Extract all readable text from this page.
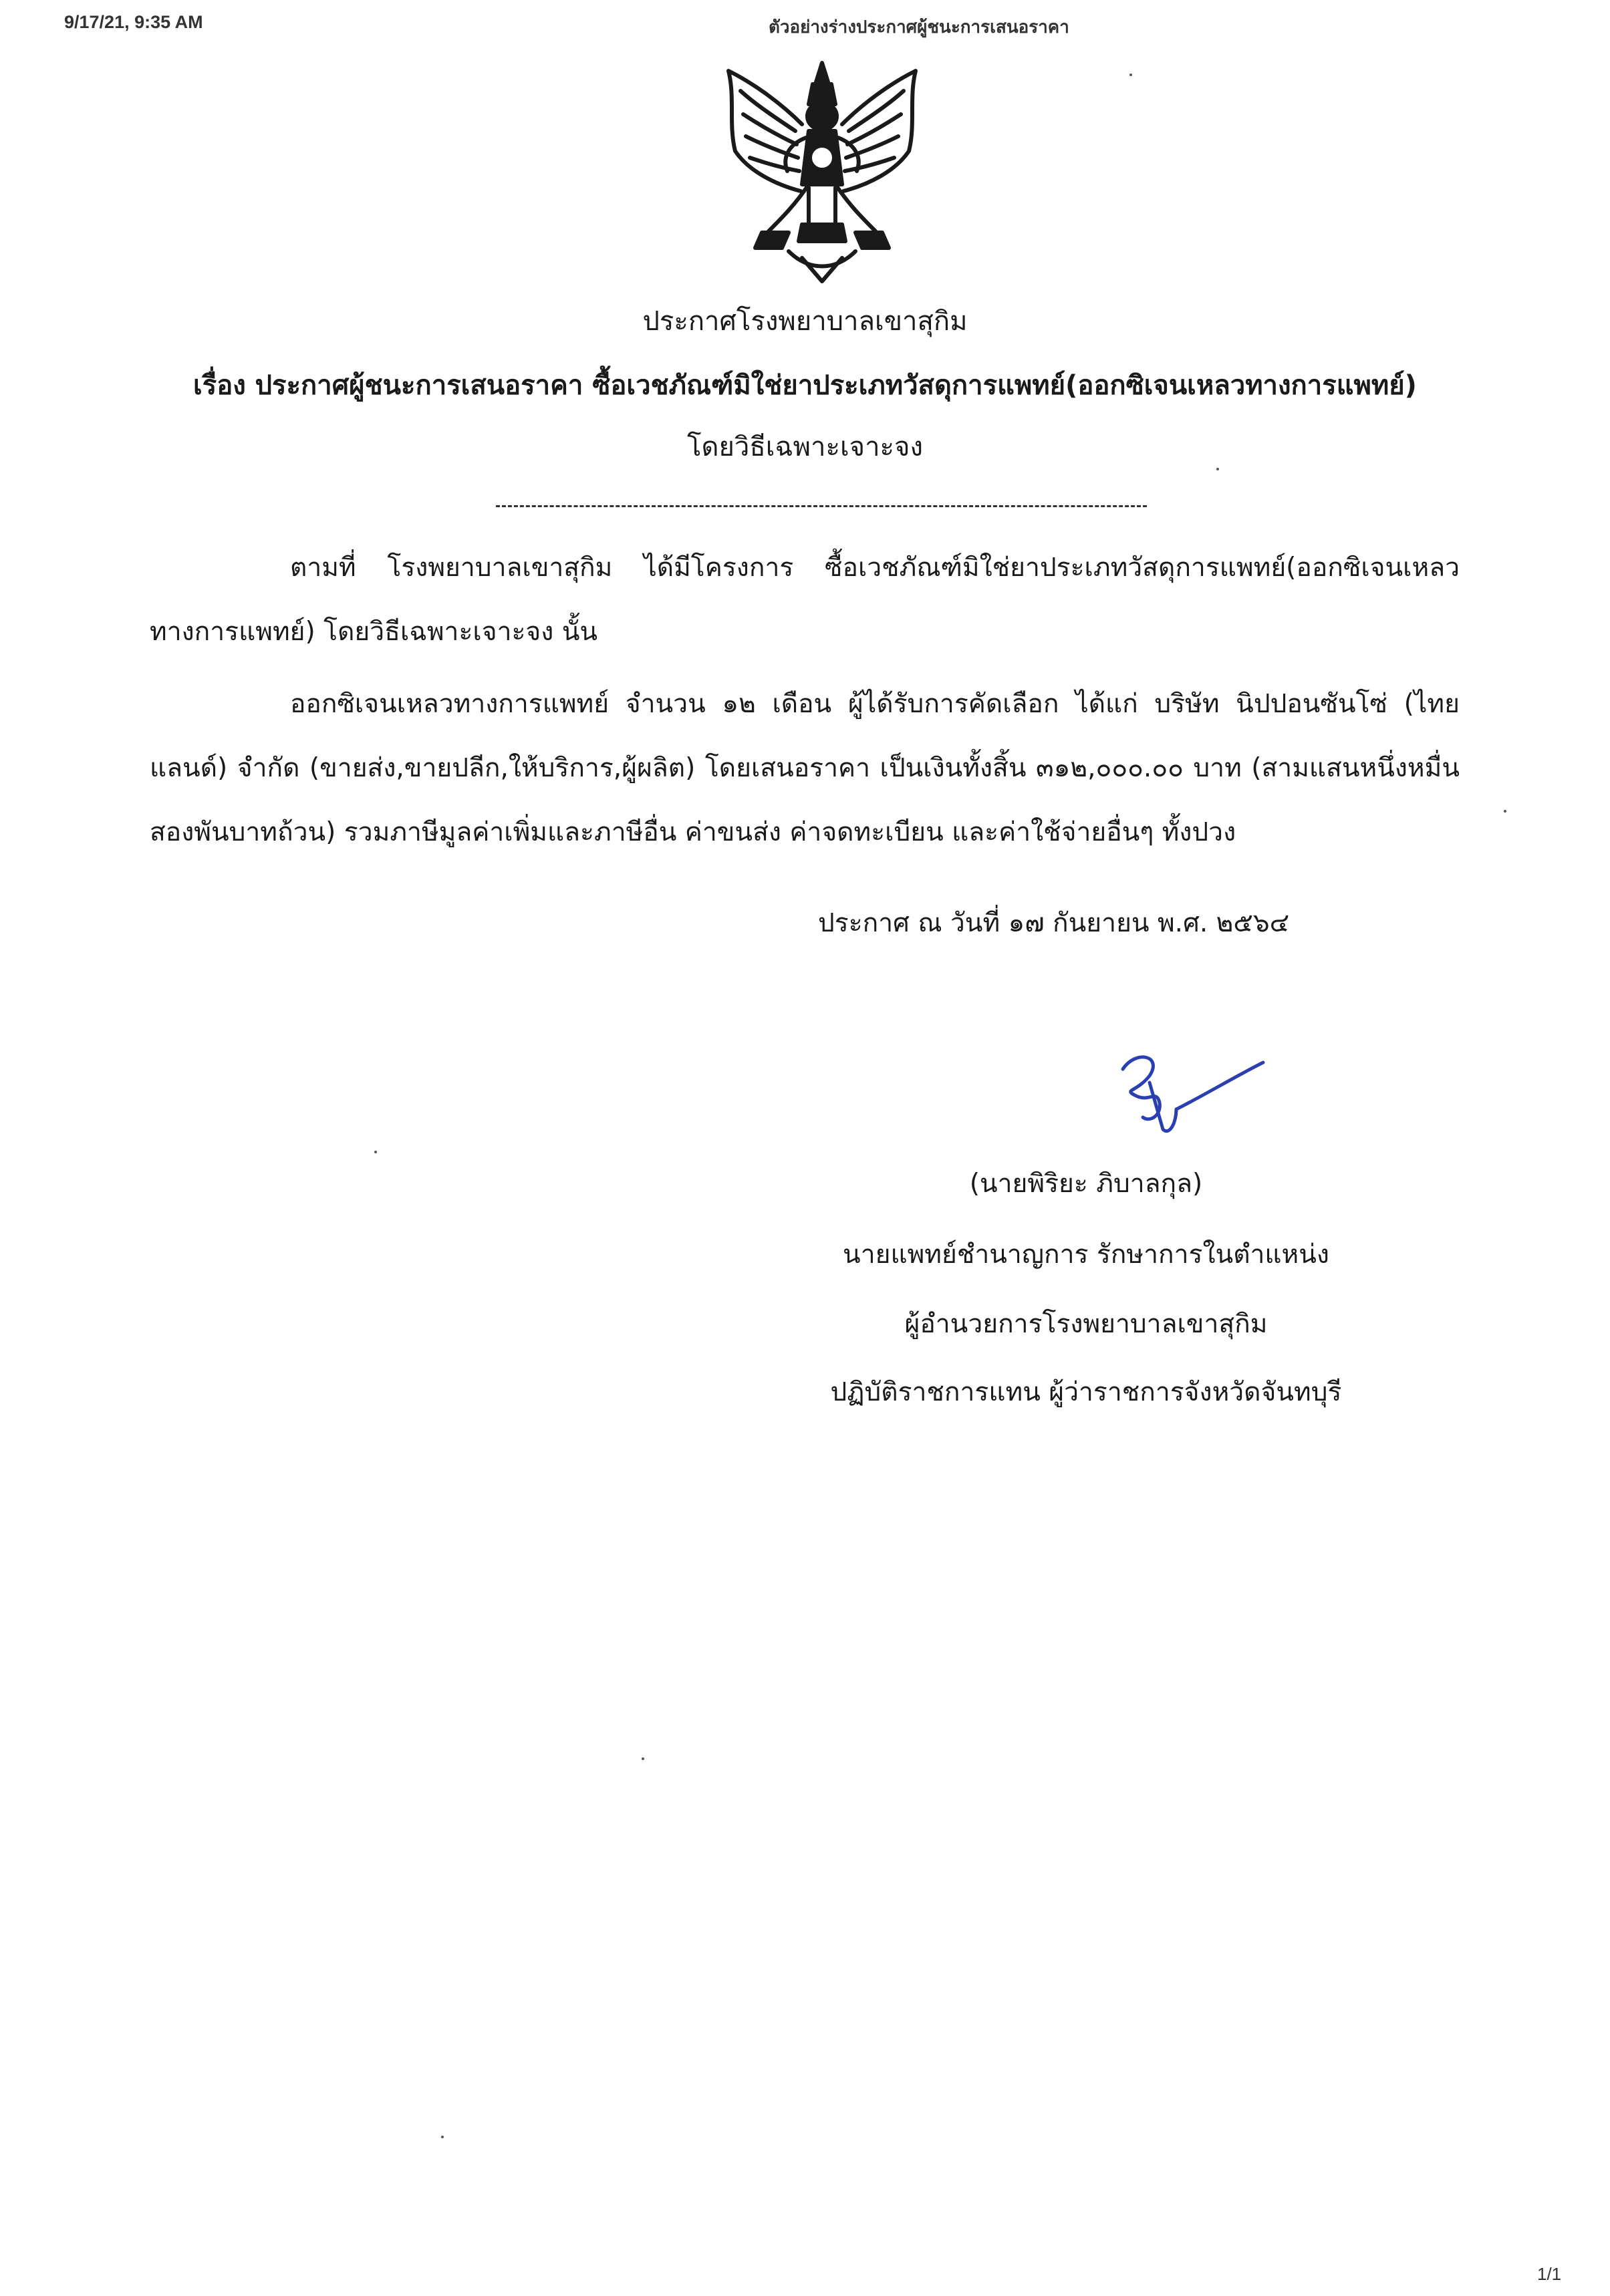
9/17/21, 9:35 AM	ตัวอย่างร่างประกาศผู้ชนะการเสนอราคา
ประกาศโรงพยาบาลเขาสุกิม
เรื่อง ประกาศผู้ชนะการเสนอราคา ซื้อเวชภัณฑ์มิใช่ยาประเภทวัสดุการแพทย์(ออกซิเจนเหลวทางการแพทย์)
โดยวิธีเฉพาะเจาะจง

ตามที่ โรงพยาบาลเขาสุกิม ได้มีโครงการ ซื้อเวชภัณฑ์มิใช่ยาประเภทวัสดุการแพทย์(ออกซิเจนเหลวทางการแพทย์) โดยวิธีเฉพาะเจาะจง นั้น

ออกซิเจนเหลวทางการแพทย์ จำนวน ๑๒ เดือน ผู้ได้รับการคัดเลือก ได้แก่ บริษัท นิปปอนซันโซ่ (ไทยแลนด์) จำกัด (ขายส่ง,ขายปลีก,ให้บริการ,ผู้ผลิต) โดยเสนอราคา เป็นเงินทั้งสิ้น ๓๑๒,๐๐๐.๐๐ บาท (สามแสนหนึ่งหมื่นสองพันบาทถ้วน) รวมภาษีมูลค่าเพิ่มและภาษีอื่น ค่าขนส่ง ค่าจดทะเบียน และค่าใช้จ่ายอื่นๆ ทั้งปวง

ประกาศ ณ วันที่ ๑๗ กันยายน พ.ศ. ๒๕๖๔
(นายพิริยะ ภิบาลกุล)
นายแพทย์ชำนาญการ รักษาการในตำแหน่ง
ผู้อำนวยการโรงพยาบาลเขาสุกิม
ปฏิบัติราชการแทน ผู้ว่าราชการจังหวัดจันทบุรี
1/1
